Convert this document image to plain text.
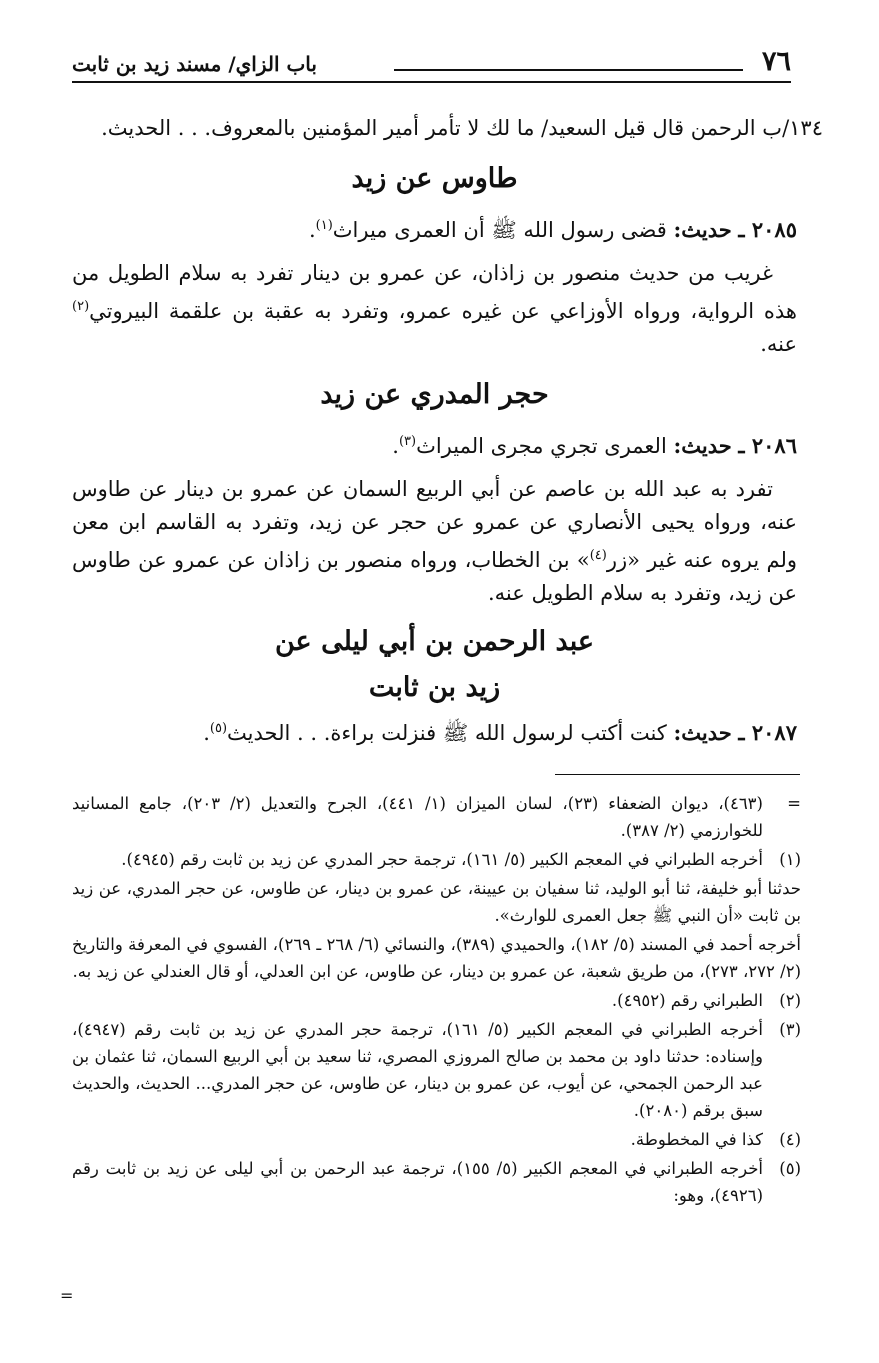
٧٦
باب الزاي/ مسند زيد بن ثابت

١٣٤/ب الرحمن قال قيل السعيد/ ما لك لا تأمر أمير المؤمنين بالمعروف. . . الحديث.

طاوس عن زيد

٢٠٨٥ ـ حديث: قضى رسول الله ﷺ أن العمرى ميراث$^{(١)}$.

غريب من حديث منصور بن زاذان، عن عمرو بن دينار تفرد به سلام الطويل من هذه الرواية، ورواه الأوزاعي عن غيره عمرو، وتفرد به عقبة بن علقمة البيروتي$^{(٢)}$ عنه.

حجر المدري عن زيد

٢٠٨٦ ـ حديث: العمرى تجري مجرى الميراث$^{(٣)}$.

تفرد به عبد الله بن عاصم عن أبي الربيع السمان عن عمرو بن دينار عن طاوس عنه، ورواه يحيى الأنصاري عن عمرو عن حجر عن زيد، وتفرد به القاسم ابن معن ولم يروه عنه غير «زر$^{(٤)}$» بن الخطاب، ورواه منصور بن زاذان عن عمرو عن طاوس عن زيد، وتفرد به سلام الطويل عنه.

عبد الرحمن بن أبي ليلى عن
زيد بن ثابت

٢٠٨٧ ـ حديث: كنت أكتب لرسول الله ﷺ فنزلت براءة. . . الحديث$^{(٥)}$.

=
(٤٦٣)، ديوان الضعفاء (٢٣)، لسان الميزان (١/ ٤٤١)، الجرح والتعديل (٢/ ٢٠٣)، جامع المسانيد للخوارزمي (٢/ ٣٨٧).

(١)
أخرجه الطبراني في المعجم الكبير (٥/ ١٦١)، ترجمة حجر المدري عن زيد بن ثابت رقم (٤٩٤٥).

حدثنا أبو خليفة، ثنا أبو الوليد، ثنا سفيان بن عيينة، عن عمرو بن دينار، عن طاوس، عن حجر المدري، عن زيد بن ثابت «أن النبي ﷺ جعل العمرى للوارث».

أخرجه أحمد في المسند (٥/ ١٨٢)، والحميدي (٣٨٩)، والنسائي (٦/ ٢٦٨ ـ ٢٦٩)، الفسوي في المعرفة والتاريخ (٢/ ٢٧٢، ٢٧٣)، من طريق شعبة، عن عمرو بن دينار، عن طاوس، عن ابن العدلي، أو قال العندلي عن زيد به.

(٢)
الطبراني رقم (٤٩٥٢).

(٣)
أخرجه الطبراني في المعجم الكبير (٥/ ١٦١)، ترجمة حجر المدري عن زيد بن ثابت رقم (٤٩٤٧)، وإسناده: حدثنا داود بن محمد بن صالح المروزي المصري، ثنا سعيد بن أبي الربيع السمان، ثنا عثمان بن عبد الرحمن الجمحي، عن أيوب، عن عمرو بن دينار، عن طاوس، عن حجر المدري... الحديث، والحديث سبق برقم (٢٠٨٠).

(٤)
كذا في المخطوطة.

(٥)
أخرجه الطبراني في المعجم الكبير (٥/ ١٥٥)، ترجمة عبد الرحمن بن أبي ليلى عن زيد بن ثابت رقم (٤٩٢٦)، وهو:

=
